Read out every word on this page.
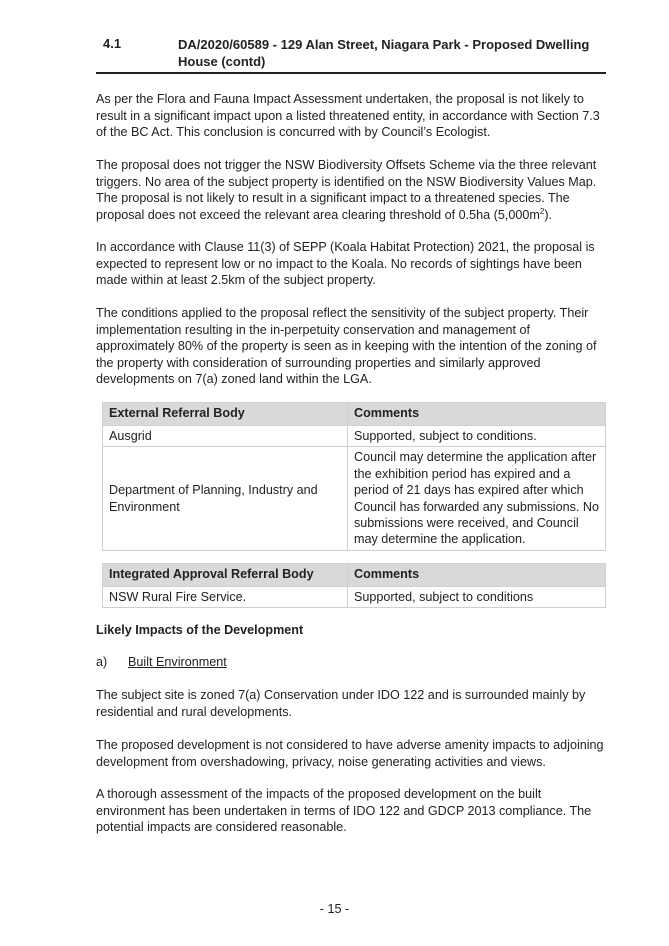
4.1	DA/2020/60589 - 129 Alan Street, Niagara Park - Proposed Dwelling House (contd)

As per the Flora and Fauna Impact Assessment undertaken, the proposal is not likely to result in a significant impact upon a listed threatened entity, in accordance with Section 7.3 of the BC Act. This conclusion is concurred with by Council’s Ecologist.

The proposal does not trigger the NSW Biodiversity Offsets Scheme via the three relevant triggers. No area of the subject property is identified on the NSW Biodiversity Values Map. The proposal is not likely to result in a significant impact to a threatened species. The proposal does not exceed the relevant area clearing threshold of 0.5ha $(5,000m^2)$.

In accordance with Clause 11(3) of SEPP (Koala Habitat Protection) 2021, the proposal is expected to represent low or no impact to the Koala. No records of sightings have been made within at least 2.5km of the subject property.

The conditions applied to the proposal reflect the sensitivity of the subject property. Their implementation resulting in the in-perpetuity conservation and management of approximately 80% of the property is seen as in keeping with the intention of the zoning of the property with consideration of surrounding properties and similarly approved developments on 7(a) zoned land within the LGA.

External Referral Body	Comments
Ausgrid	Supported, subject to conditions.
Department of Planning, Industry and Environment	Council may determine the application after the exhibition period has expired and a period of 21 days has expired after which Council has forwarded any submissions. No submissions were received, and Council may determine the application.
Integrated Approval Referral Body	Comments
NSW Rural Fire Service.	Supported, subject to conditions

Likely Impacts of the Development

a) Built Environment

The subject site is zoned 7(a) Conservation under IDO 122 and is surrounded mainly by residential and rural developments.

The proposed development is not considered to have adverse amenity impacts to adjoining development from overshadowing, privacy, noise generating activities and views.

A thorough assessment of the impacts of the proposed development on the built environment has been undertaken in terms of IDO 122 and GDCP 2013 compliance. The potential impacts are considered reasonable.

- 15 -
